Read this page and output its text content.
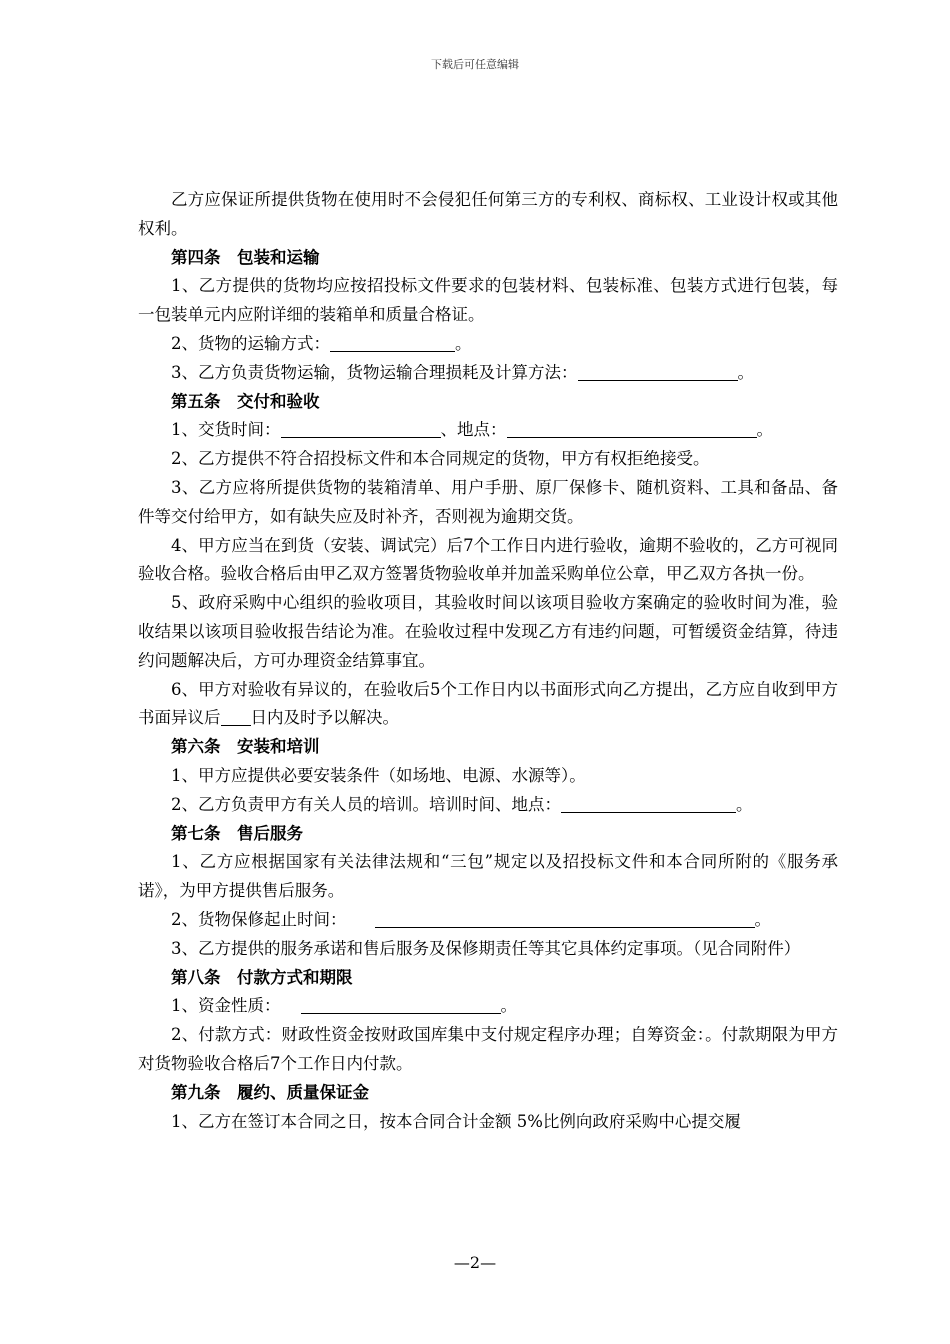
下载后可任意编辑

乙方应保证所提供货物在使用时不会侵犯任何第三方的专利权、商标权、工业设计权或其他权利。

第四条 包装和运输

1、乙方提供的货物均应按招投标文件要求的包装材料、包装标准、包装方式进行包装，每一包装单元内应附详细的装箱单和质量合格证。

2、货物的运输方式：	。

3、乙方负责货物运输，货物运输合理损耗及计算方法：	。

第五条 交付和验收

1、交货时间：	、地点：	。

2、乙方提供不符合招投标文件和本合同规定的货物，甲方有权拒绝接受。

3、乙方应将所提供货物的装箱清单、用户手册、原厂保修卡、随机资料、工具和备品、备件等交付给甲方，如有缺失应及时补齐，否则视为逾期交货。

4、甲方应当在到货（安装、调试完）后7个工作日内进行验收，逾期不验收的，乙方可视同验收合格。验收合格后由甲乙双方签署货物验收单并加盖采购单位公章，甲乙双方各执一份。

5、政府采购中心组织的验收项目，其验收时间以该项目验收方案确定的验收时间为准，验收结果以该项目验收报告结论为准。在验收过程中发现乙方有违约问题，可暂缓资金结算，待违约问题解决后，方可办理资金结算事宜。

6、甲方对验收有异议的，在验收后5个工作日内以书面形式向乙方提出，乙方应自收到甲方书面异议后 日内及时予以解决。

第六条 安装和培训

1、甲方应提供必要安装条件（如场地、电源、水源等）。

2、乙方负责甲方有关人员的培训。培训时间、地点：	。

第七条 售后服务

1、乙方应根据国家有关法律法规和“三包”规定以及招投标文件和本合同所附的《服务承诺》，为甲方提供售后服务。

2、货物保修起止时间：	。

3、乙方提供的服务承诺和售后服务及保修期责任等其它具体约定事项。（见合同附件）

第八条 付款方式和期限

1、资金性质：	。

2、付款方式：财政性资金按财政国库集中支付规定程序办理；自筹资金：。付款期限为甲方对货物验收合格后7个工作日内付款。

第九条 履约、质量保证金

1、乙方在签订本合同之日，按本合同合计金额 5%比例向政府采购中心提交履

—2—
